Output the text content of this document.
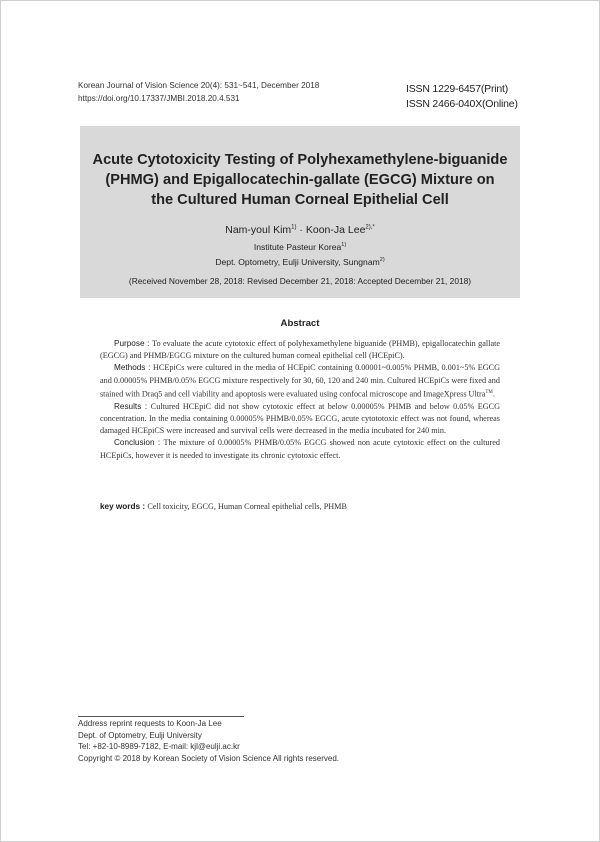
Korean Journal of Vision Science 20(4): 531~541, December 2018
https://doi.org/10.17337/JMBI.2018.20.4.531
ISSN 1229-6457(Print)
ISSN 2466-040X(Online)
Acute Cytotoxicity Testing of Polyhexamethylene-biguanide
(PHMG) and Epigallocatechin-gallate (EGCG) Mixture on
the Cultured Human Corneal Epithelial Cell
Nam-youl Kim$^{1)}$ · Koon-Ja Lee$^{2),*}$
Institute Pasteur Korea$^{1)}$
Dept. Optometry, Eulji University, Sungnam$^{2)}$
(Received November 28, 2018: Revised December 21, 2018: Accepted December 21, 2018)
Abstract

Purpose : To evaluate the acute cytotoxic effect of polyhexamethylene biguanide (PHMB), epigallocatechin gallate (EGCG) and PHMB/EGCG mixture on the cultured human corneal epithelial cell (HCEpiC).

Methods : HCEpiCs were cultured in the media of HCEpiC containing 0.00001~0.005% PHMB, 0.001~5% EGCG and 0.00005% PHMB/0.05% EGCG mixture respectively for 30, 60, 120 and 240 min. Cultured HCEpiCs were fixed and stained with Draq5 and cell viability and apoptosis were evaluated using confocal microscope and ImageXpress Ultra™.

Results : Cultured HCEpiC did not show cytotoxic effect at below 0.00005% PHMB and below 0.05% EGCG concentration. In the media containing 0.00005% PHMB/0.05% EGCG, acute cytototoxic effect was not found, whereas damaged HCEpiCS were increased and survival cells were decreased in the media incubated for 240 min.

Conclusion : The mixture of 0.00005% PHMB/0.05% EGCG showed non acute cytotoxic effect on the cultured HCEpiCs, however it is needed to investigate its chronic cytotoxic effect.

key words : Cell toxicity, EGCG, Human Corneal epithelial cells, PHMB
Address reprint requests to Koon-Ja Lee
Dept. of Optometry, Eulji University
Tel: +82-10-8989-7182, E-mail: kjl@eulji.ac.kr
Copyright © 2018 by Korean Society of Vision Science All rights reserved.
